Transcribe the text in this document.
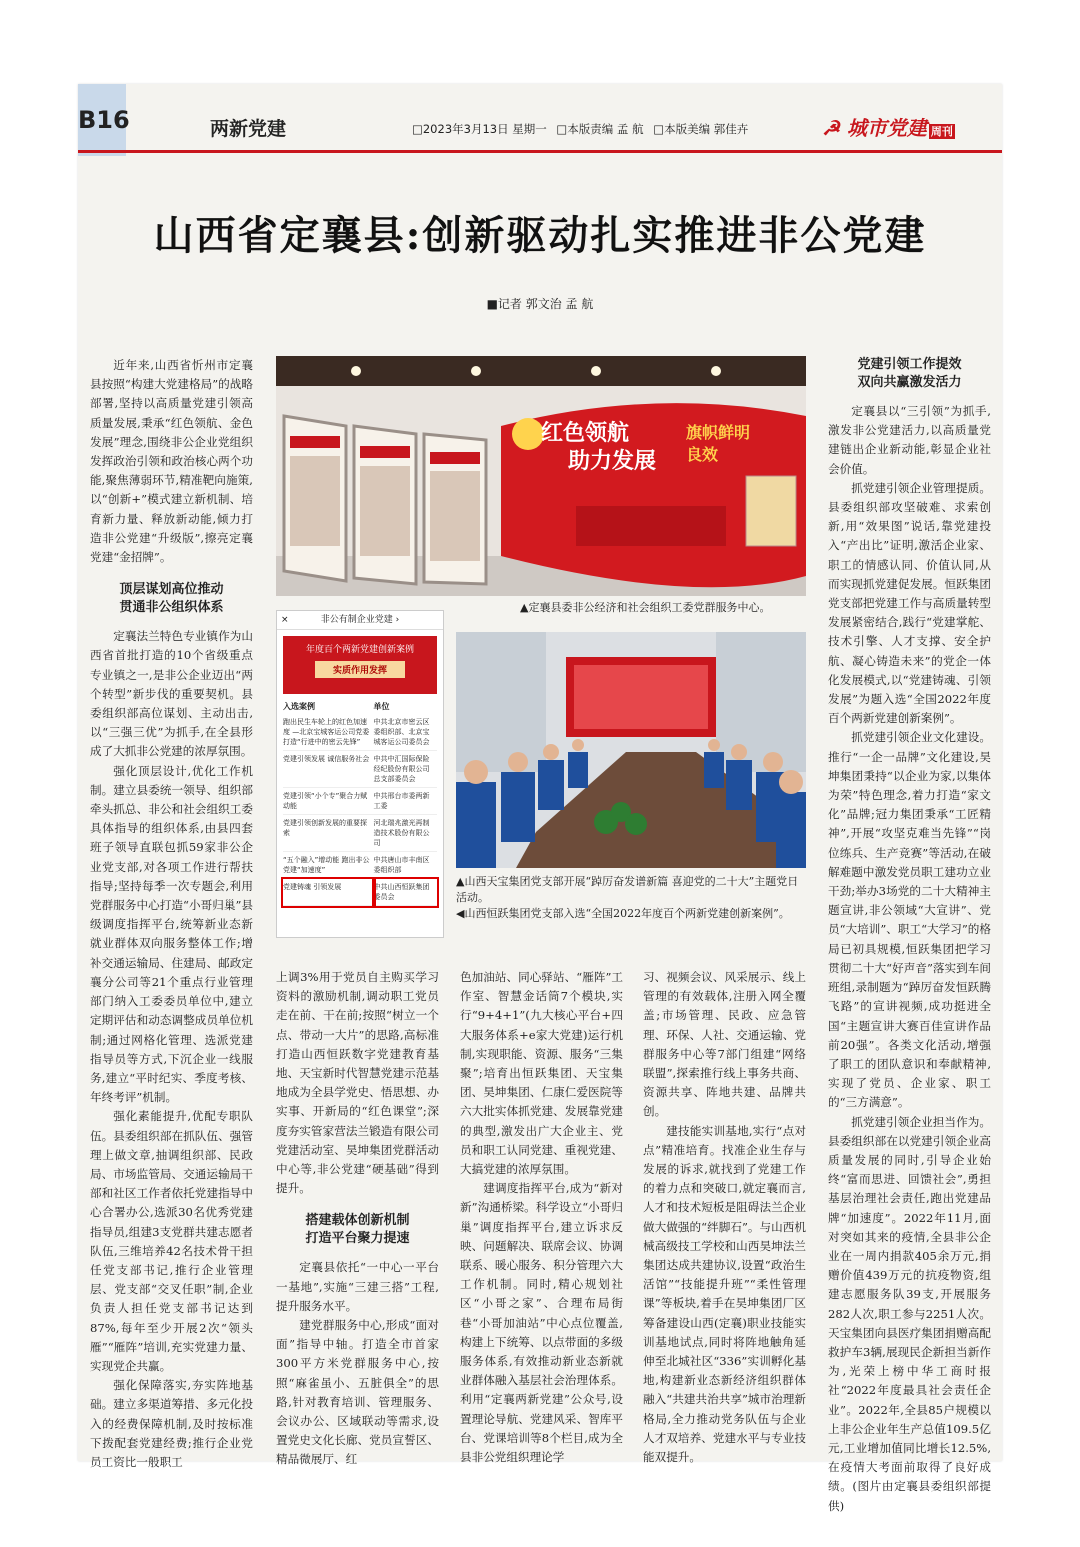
B16	两新党建	□2023年3月13日 星期一 □本版责编 孟 航 □本版美编 郭佳卉	☭ 城市党建 周刊
山西省定襄县:创新驱动扎实推进非公党建
■记者 郭文治 孟 航

近年来,山西省忻州市定襄县按照“构建大党建格局”的战略部署,坚持以高质量党建引领高质量发展,秉承“红色领航、金色发展”理念,围绕非公企业党组织发挥政治引领和政治核心两个功能,聚焦薄弱环节,精准靶向施策,以“创新+”模式建立新机制、培育新力量、释放新动能,倾力打造非公党建“升级版”,擦亮定襄党建“金招牌”。

顶层谋划高位推动
贯通非公组织体系

定襄法兰特色专业镇作为山西省首批打造的10个省级重点专业镇之一,是非公企业迈出“两个转型”新步伐的重要契机。县委组织部高位谋划、主动出击,以“三强三优”为抓手,在全县形成了大抓非公党建的浓厚氛围。

强化顶层设计,优化工作机制。建立县委统一领导、组织部牵头抓总、非公和社会组织工委具体指导的组织体系,由县四套班子领导直联包抓59家非公企业党支部,对各项工作进行帮扶指导;坚持每季一次专题会,利用党群服务中心打造“小哥归巢”县级调度指挥平台,统筹新业态新就业群体双向服务整体工作;增补交通运输局、住建局、邮政定襄分公司等21个重点行业管理部门纳入工委委员单位中,建立定期评估和动态调整成员单位机制;通过网格化管理、选派党建指导员等方式,下沉企业一线服务,建立“平时纪实、季度考核、年终考评”机制。

强化素能提升,优配专职队伍。县委组织部在抓队伍、强管理上做文章,抽调组织部、民政局、市场监管局、交通运输局干部和社区工作者依托党建指导中心合署办公,选派30名优秀党建指导员,组建3支党群共建志愿者队伍,三维培养42名技术骨干担任党支部书记,推行企业管理层、党支部“交叉任职”制,企业负责人担任党支部书记达到87%,每年至少开展2次“领头雁”“雁阵”培训,充实党建力量、实现党企共赢。

强化保障落实,夯实阵地基础。建立多渠道筹措、多元化投入的经费保障机制,及时按标准下拨配套党建经费;推行企业党员工资比一般职工

红色领航
助力发展
旗帜鲜明
良效
▲定襄县委非公经济和社会组织工委党群服务中心。
×	非公有制企业党建 ›
年度百个两新党建创新案例
实质作用发挥
入选案例	单位
跑出民生车轮上的红色加速度 —北京宝城客运公司党委打造“行进中的密云先锋”	中共北京市密云区委组织部、北京宝城客运公司委员会
党建引领发展 诚信服务社会	中共中汇国际保险经纪股份有限公司总支部委员会
党建引领“小个专”聚合力赋动能	中共邢台市委两新工委
党建引领创新发展的重要探索	河北瑞兆激光再制造技术股份有限公司
“五个融入”增动能 跑出非公党建“加速度”	中共唐山市丰南区委组织部
党建铸魂 引领发展	中共山西恒跃集团委员会
▲山西天宝集团党支部开展“踔厉奋发谱新篇 喜迎党的二十大”主题党日活动。
◀山西恒跃集团党支部入选“全国2022年度百个两新党建创新案例”。

上调3%用于党员自主购买学习资料的激励机制,调动职工党员走在前、干在前;按照“树立一个点、带动一大片”的思路,高标准打造山西恒跃数字党建教育基地、天宝新时代智慧党建示范基地成为全县学党史、悟思想、办实事、开新局的“红色课堂”;深度夯实管家营法兰锻造有限公司党建活动室、昊坤集团党群活动中心等,非公党建“硬基础”得到提升。

搭建载体创新机制
打造平台聚力提速

定襄县依托“一中心一平台一基地”,实施“三建三搭”工程,提升服务水平。

建党群服务中心,形成“面对面”指导中轴。打造全市首家300平方米党群服务中心,按照“麻雀虽小、五脏俱全”的思路,针对教育培训、管理服务、会议办公、区域联动等需求,设置党史文化长廊、党员宣誓区、精品微展厅、红

色加油站、同心驿站、“雁阵”工作室、智慧金话筒7个模块,实行“9+4+1”(九大核心平台+四大服务体系+e家大党建)运行机制,实现职能、资源、服务“三集聚”;培育出恒跃集团、天宝集团、昊坤集团、仁康仁爱医院等六大批实体抓党建、发展靠党建的典型,激发出广大企业主、党员和职工认同党建、重视党建、大搞党建的浓厚氛围。

建调度指挥平台,成为“新对新”沟通桥梁。科学设立“小哥归巢”调度指挥平台,建立诉求反映、问题解决、联席会议、协调联系、暖心服务、积分管理六大工作机制。同时,精心规划社区“小哥之家”、合理布局街巷“小哥加油站”中心点位覆盖,构建上下统筹、以点带面的多级服务体系,有效推动新业态新就业群体融入基层社会治理体系。利用“定襄两新党建”公众号,设置理论导航、党建风采、智库平台、党课培训等8个栏目,成为全县非公党组织理论学

习、视频会议、风采展示、线上管理的有效载体,注册入网全覆盖;市场管理、民政、应急管理、环保、人社、交通运输、党群服务中心等7部门组建“网络联盟”,探索推行线上事务共商、资源共享、阵地共建、品牌共创。

建技能实训基地,实行“点对点”精准培育。找准企业生存与发展的诉求,就找到了党建工作的着力点和突破口,就定襄而言,人才和技术短板是阻碍法兰企业做大做强的“绊脚石”。与山西机械高级技工学校和山西昊坤法兰集团达成共建协议,设置“政治生活馆”“技能提升班”“柔性管理课”等板块,着手在昊坤集团厂区筹备建设山西(定襄)职业技能实训基地试点,同时将阵地触角延伸至北城社区“336”实训孵化基地,构建新业态新经济组织群体融入“共建共治共享”城市治理新格局,全力推动党务队伍与企业人才双培养、党建水平与专业技能双提升。

党建引领工作提效
双向共赢激发活力

定襄县以“三引领”为抓手,激发非公党建活力,以高质量党建链出企业新动能,彰显企业社会价值。

抓党建引领企业管理提质。县委组织部攻坚破难、求索创新,用“效果图”说话,靠党建投入“产出比”证明,激活企业家、职工的情感认同、价值认同,从而实现抓党建促发展。恒跃集团党支部把党建工作与高质量转型发展紧密结合,践行“党建掌舵、技术引擎、人才支撑、安全护航、凝心铸造未来”的党企一体化发展模式,以“党建铸魂、引领发展”为题入选“全国2022年度百个两新党建创新案例”。

抓党建引领企业文化建设。推行“一企一品牌”文化建设,昊坤集团秉持“以企业为家,以集体为荣”特色理念,着力打造“家文化”品牌;冠力集团秉承“工匠精神”,开展“攻坚克难当先锋”“岗位练兵、生产竞赛”等活动,在破解难题中激发党员职工建功立业干劲;举办3场党的二十大精神主题宣讲,非公领域“大宣讲”、党员“大培训”、职工“大学习”的格局已初具规模,恒跃集团把学习贯彻二十大“好声音”落实到车间班组,录制题为“踔厉奋发恒跃腾飞路”的宣讲视频,成功挺进全国“主题宣讲大赛百佳宣讲作品前20强”。各类文化活动,增强了职工的团队意识和奉献精神,实现了党员、企业家、职工的“三方满意”。

抓党建引领企业担当作为。县委组织部在以党建引领企业高质量发展的同时,引导企业始终“富而思进、回馈社会”,勇担基层治理社会责任,跑出党建品牌“加速度”。2022年11月,面对突如其来的疫情,全县非公企业在一周内捐款405余万元,捐赠价值439万元的抗疫物资,组建志愿服务队39支,开展服务282人次,职工参与2251人次。天宝集团向县医疗集团捐赠高配救护车3辆,展现民企新担当新作为,光荣上榜中华工商时报社“2022年度最具社会责任企业”。2022年,全县85户规模以上非公企业年生产总值109.5亿元,工业增加值同比增长12.5%,在疫情大考面前取得了良好成绩。(图片由定襄县委组织部提供)
